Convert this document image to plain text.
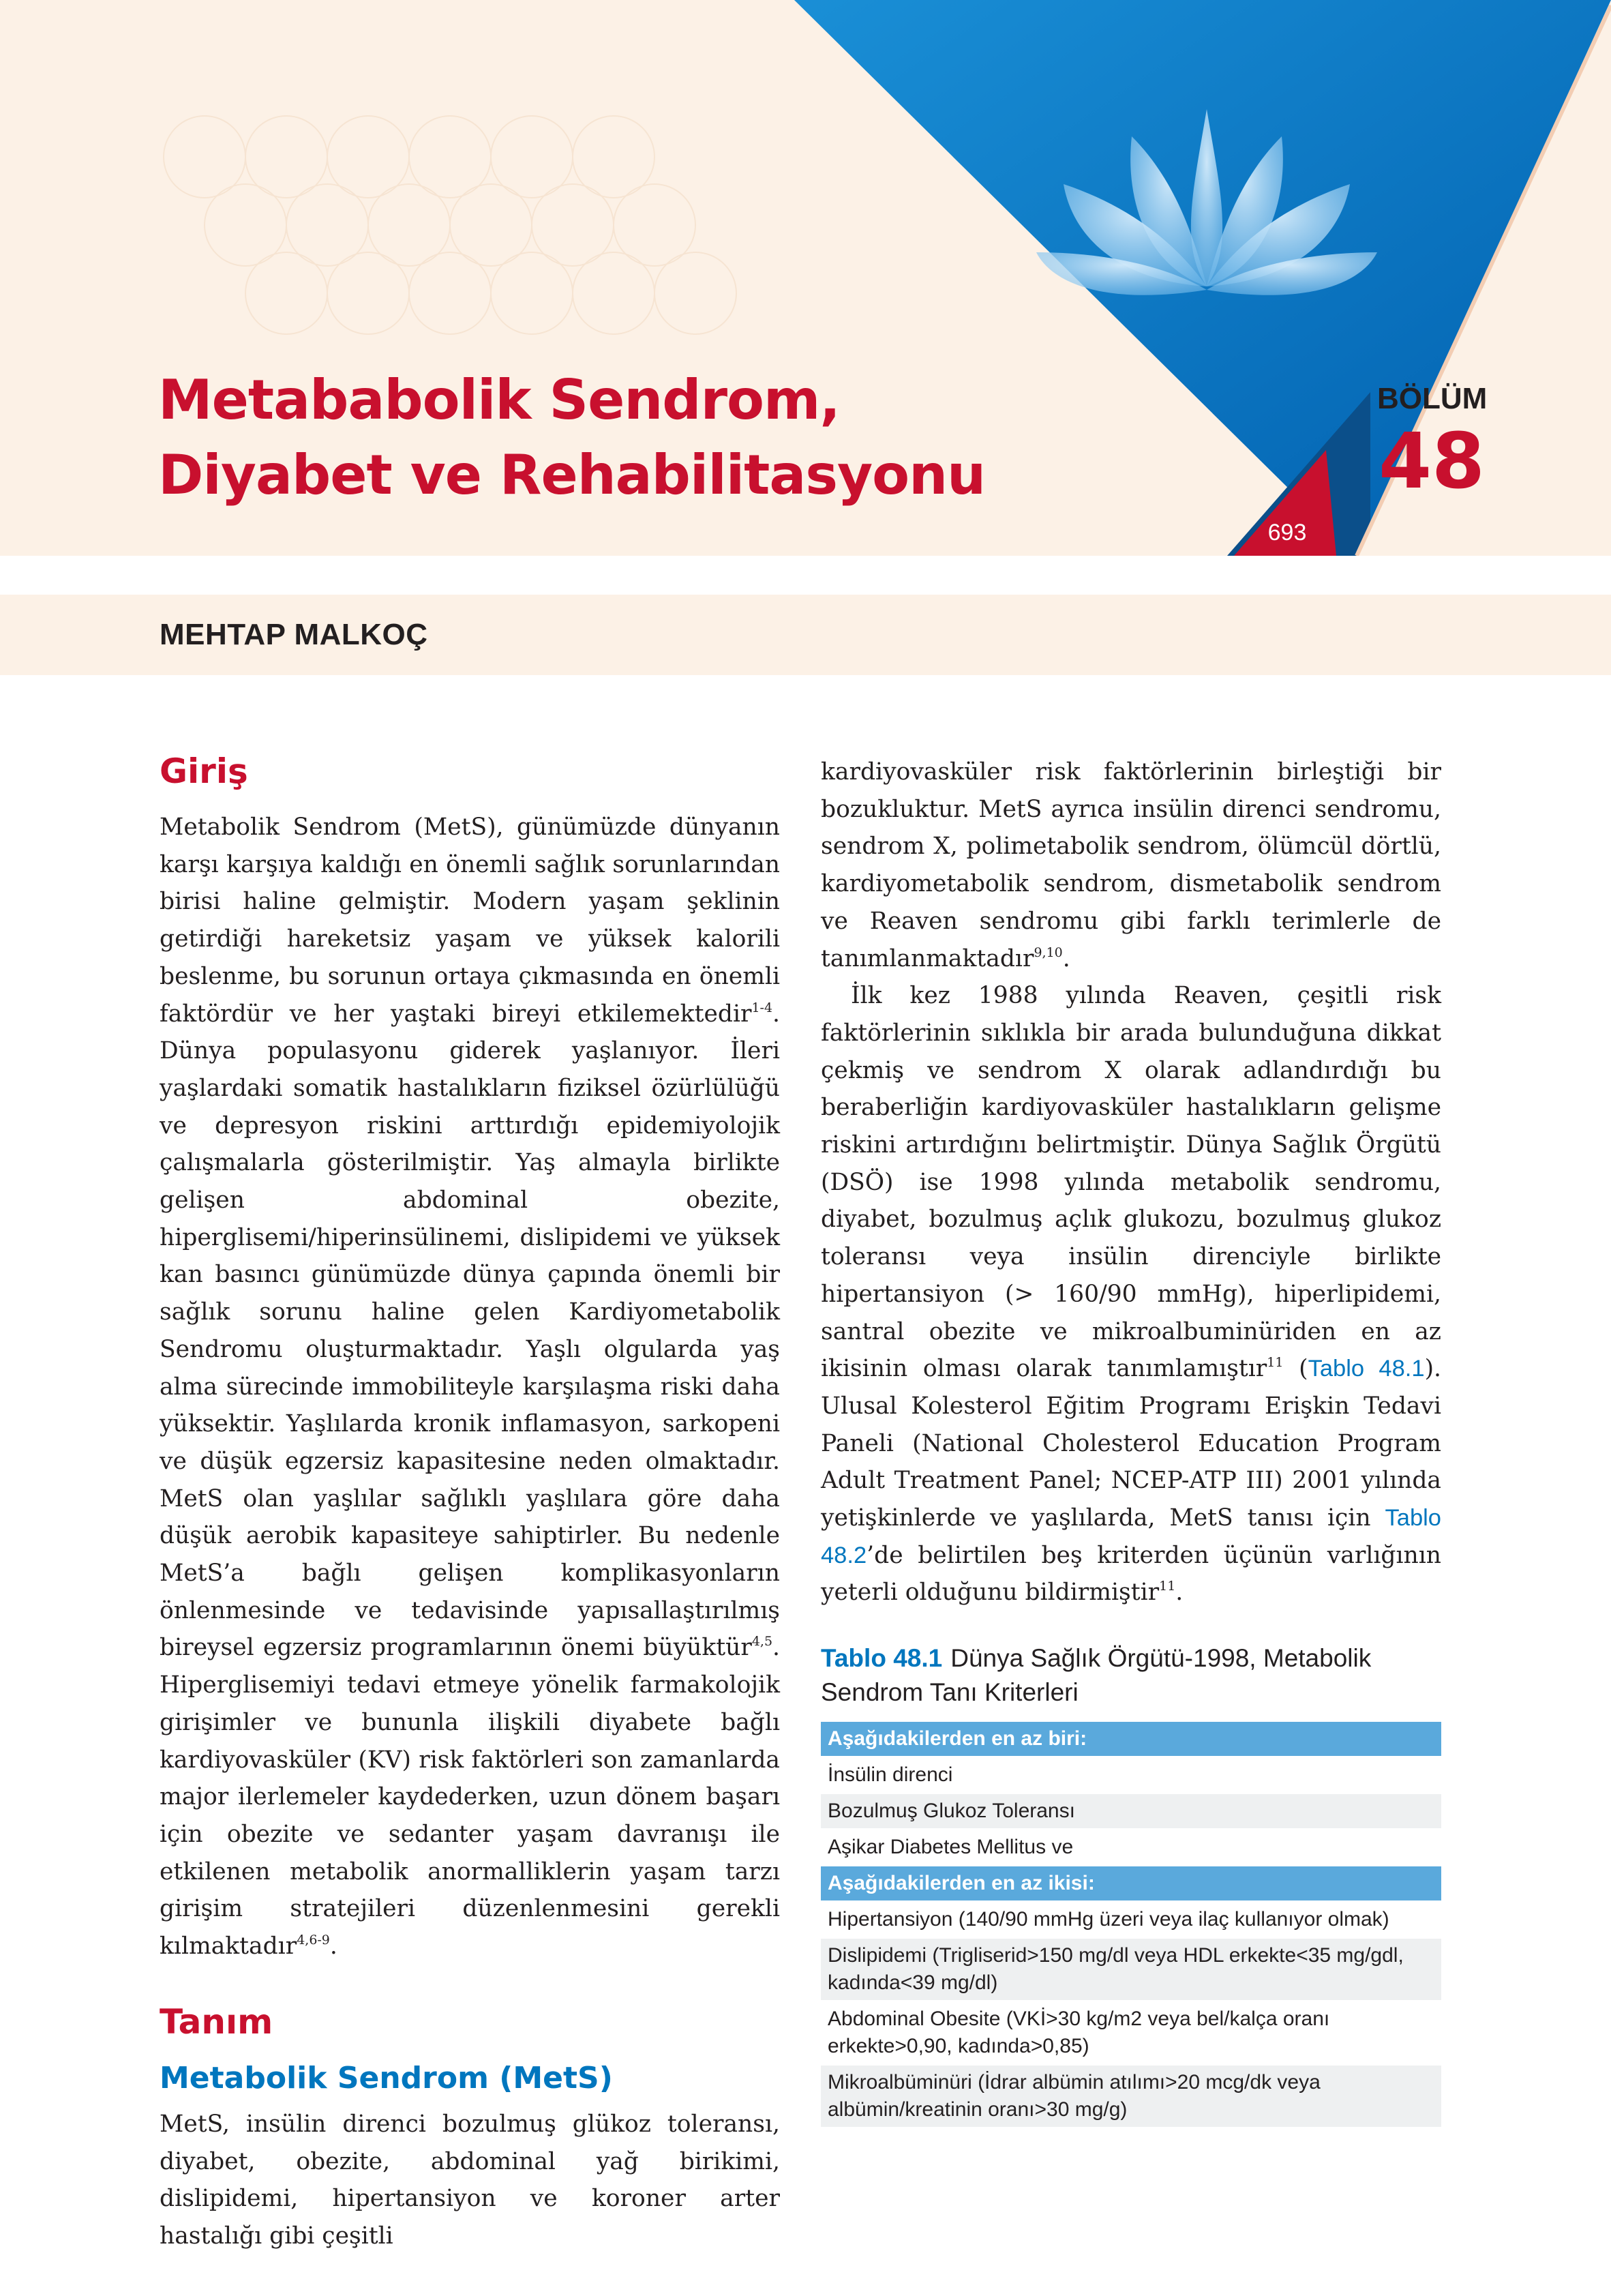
Metababolik Sendrom,
Diyabet ve Rehabilitasyonu
BÖLÜM
48
693
MEHTAP MALKOÇ
Giriş

Metabolik Sendrom (MetS), günümüzde dünyanın karşı karşıya kaldığı en önemli sağlık sorunlarından birisi haline gelmiştir. Modern yaşam şeklinin getirdiği hareketsiz yaşam ve yüksek kalorili beslenme, bu sorunun ortaya çıkmasında en önemli faktördür ve her yaştaki bireyi etkilemektedir$^{1-4}$. Dünya populasyonu giderek yaşlanıyor. İleri yaşlardaki somatik hastalıkların fiziksel özürlülüğü ve depresyon riskini arttırdığı epidemiyolojik çalışmalarla gösterilmiştir. Yaş almayla birlikte gelişen abdominal obezite, hiperglisemi/hiperinsülinemi, dislipidemi ve yüksek kan basıncı günümüzde dünya çapında önemli bir sağlık sorunu haline gelen Kardiyometabolik Sendromu oluşturmaktadır. Yaşlı olgularda yaş alma sürecinde immobiliteyle karşılaşma riski daha yüksektir. Yaşlılarda kronik inflamasyon, sarkopeni ve düşük egzersiz kapasitesine neden olmaktadır. MetS olan yaşlılar sağlıklı yaşlılara göre daha düşük aerobik kapasiteye sahiptirler. Bu nedenle MetS’a bağlı gelişen komplikasyonların önlenmesinde ve tedavisinde yapısallaştırılmış bireysel egzersiz programlarının önemi büyüktür$^{4,5}$. Hiperglisemiyi tedavi etmeye yönelik farmakolojik girişimler ve bununla ilişkili diyabete bağlı kardiyovasküler (KV) risk faktörleri son zamanlarda major ilerlemeler kaydederken, uzun dönem başarı için obezite ve sedanter yaşam davranışı ile etkilenen metabolik anormalliklerin yaşam tarzı girişim stratejileri düzenlenmesini gerekli kılmaktadır$^{4,6-9}$.

Tanım
Metabolik Sendrom (MetS)

MetS, insülin direnci bozulmuş glükoz toleransı, diyabet, obezite, abdominal yağ birikimi, dislipidemi, hipertansiyon ve koroner arter hastalığı gibi çeşitli

kardiyovasküler risk faktörlerinin birleştiği bir bozukluktur. MetS ayrıca insülin direnci sendromu, sendrom X, polimetabolik sendrom, ölümcül dörtlü, kardiyometabolik sendrom, dismetabolik sendrom ve Reaven sendromu gibi farklı terimlerle de tanımlanmaktadır$^{9,10}$.

İlk kez 1988 yılında Reaven, çeşitli risk faktörlerinin sıklıkla bir arada bulunduğuna dikkat çekmiş ve sendrom X olarak adlandırdığı bu beraberliğin kardiyovasküler hastalıkların gelişme riskini artırdığını belirtmiştir. Dünya Sağlık Örgütü (DSÖ) ise 1998 yılında metabolik sendromu, diyabet, bozulmuş açlık glukozu, bozulmuş glukoz toleransı veya insülin direnciyle birlikte hipertansiyon (> 160/90 mmHg), hiperlipidemi, santral obezite ve mikroalbuminüriden en az ikisinin olması olarak tanımlamıştır$^{11}$ (Tablo 48.1). Ulusal Kolesterol Eğitim Programı Erişkin Tedavi Paneli (National Cholesterol Education Program Adult Treatment Panel; NCEP-ATP III) 2001 yılında yetişkinlerde ve yaşlılarda, MetS tanısı için Tablo 48.2’de belirtilen beş kriterden üçünün varlığının yeterli olduğunu bildirmiştir$^{11}$.

Tablo 48.1 Dünya Sağlık Örgütü-1998, Metabolik Sendrom Tanı Kriterleri
Aşağıdakilerden en az biri:
İnsülin direnci
Bozulmuş Glukoz Toleransı
Aşikar Diabetes Mellitus ve
Aşağıdakilerden en az ikisi:
Hipertansiyon (140/90 mmHg üzeri veya ilaç kullanıyor olmak)
Dislipidemi (Trigliserid>150 mg/dl veya HDL erkekte<35 mg/gdl, kadında<39 mg/dl)
Abdominal Obesite (VKİ>30 kg/m2 veya bel/kalça oranı erkekte>0,90, kadında>0,85)
Mikroalbüminüri (İdrar albümin atılımı>20 mcg/dk veya albümin/kreatinin oranı>30 mg/g)
